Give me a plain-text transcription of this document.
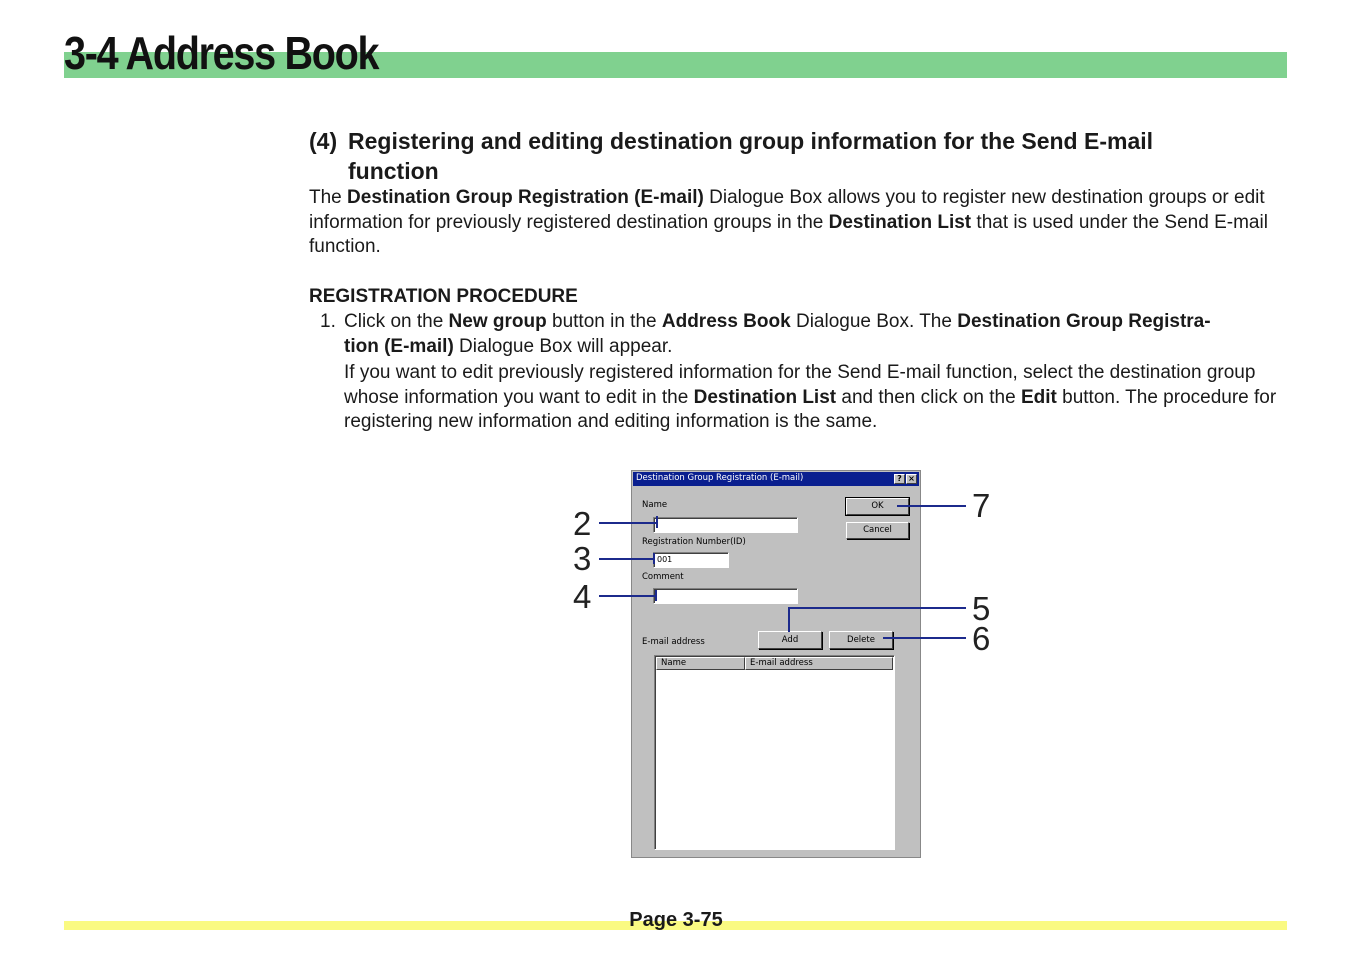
3-4 Address Book
(4) Registering and editing destination group information for the Send E-mail
function
The Destination Group Registration (E-mail) Dialogue Box allows you to register new destination groups or edit information for previously registered destination groups in the Destination List that is used under the Send E-mail function.
REGISTRATION PROCEDURE
1. Click on the New group button in the Address Book Dialogue Box. The Destination Group Registra-
tion (E-mail) Dialogue Box will appear.
If you want to edit previously registered information for the Send E-mail function, select the destination group whose information you want to edit in the Destination List and then click on the Edit button. The procedure for registering new information and editing information is the same.
Destination Group Registration (E-mail)	? ×
Name
Registration Number(ID)
001
Comment
OK
Cancel
E-mail address	Add	Delete
Name	E-mail address
2
3
4	5
6
7
Page 3-75
